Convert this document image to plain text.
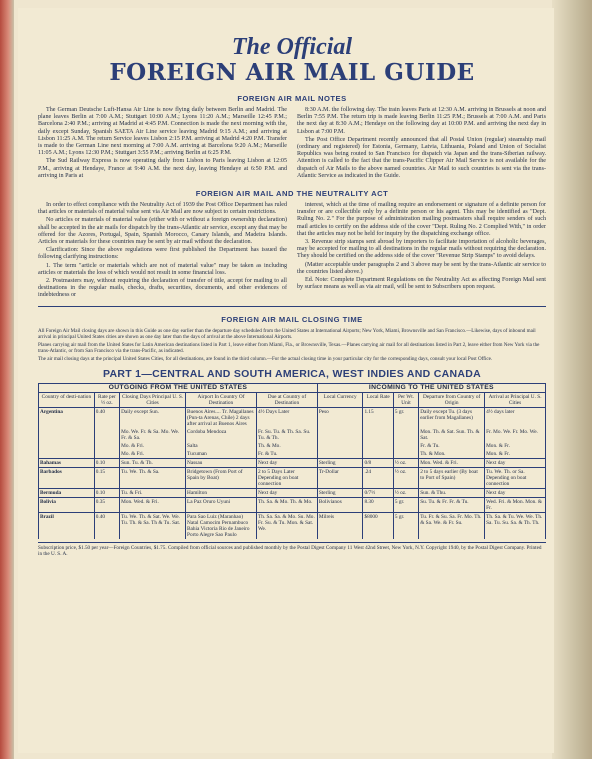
The Official
FOREIGN AIR MAIL GUIDE
FOREIGN AIR MAIL NOTES

The German Deutsche Luft-Hansa Air Line is now flying daily between Berlin and Madrid. The plane leaves Berlin at 7:00 A.M.; Stuttgart 10:00 A.M.; Lyons 11:20 A.M.; Marseille 12:45 P.M.; Barcelona 2:40 P.M.; arriving at Madrid at 4:45 P.M. Connection is made the next morning with the, daily except Sunday, Spanish SAETA Air Line service leaving Madrid 9:15 A.M.; and arriving at Lisbon 11:25 A.M. The return Service leaves Lisbon 2:15 P.M. arriving at Madrid 4:20 P.M. Transfer is made to the German Line next morning at 7:00 A.M. arriving at Barcelona 9:20 A.M.; Marseille 11:05 A.M.; Lyons 12:30 P.M.; Stuttgart 3:55 P.M.; arriving Berlin at 6:25 P.M.

The Sud Railway Express is now operating daily from Lisbon to Paris leaving Lisbon at 12:05 P.M., arriving at Hendaye, France at 9:40 A.M. the next day, leaving Hendaye at 6:50 P.M. and arriving in Paris at

8:30 A.M. the following day. The train leaves Paris at 12:30 A.M. arriving in Brussels at noon and Berlin 7:55 P.M. The return trip is made leaving Berlin 11:25 P.M.; Brussels at 7:00 A.M. and Paris the next day at 8:30 A.M.; Hendaye on the following day at 10:00 P.M. and arriving the next day in Lisbon at 7:00 P.M.

The Post Office Department recently announced that all Postal Union (regular) steamship mail (ordinary and registered) for Estonia, Germany, Latvia, Lithuania, Poland and Union of Socialist Republics was being routed to San Francisco for dispatch via Japan and the trans-Siberian railway. Attention is called to the fact that the trans-Pacific Clipper Air Mail Service is not available for the dispatch of Air Mails to the above named countries. Air Mail to such countries is sent via the trans-Atlantic Service as indicated in the Guide.

FOREIGN AIR MAIL AND THE NEUTRALITY ACT

In order to effect compliance with the Neutrality Act of 1939 the Post Office Department has ruled that articles or materials of material value sent via Air Mail are now subject to certain restrictions.

No articles or materials of material value (either with or without a foreign ownership declaration) shall be accepted in the air mails for dispatch by the trans-Atlantic air service, except any that may be offered for the Azores, Portugal, Spain, Spanish Morocco, Canary Islands, and Madeira Islands. Articles or materials for these countries may be sent by air mail without the declaration.

Clarification: Since the above regulations were first published the Department has issued the following clarifying instructions:

1. The term "article or materials which are not of material value" may be taken as including articles or materials the loss of which would not result in some financial loss.

2. Postmasters may, without requiring the declaration of transfer of title, accept for mailing to all destinations in the regular mails, checks, drafts, securities, documents, and other evidences of indebtedness or

interest, which at the time of mailing require an endorsement or signature of a definite person for transfer or are collectible only by a definite person or his agent. This may be identified as "Dept. Ruling No. 2." For the purpose of administration mailing postmasters shall require senders of such mail articles to certify on the address side of the cover "Dept. Ruling No. 2 Complied With," in order that the articles may not be held for inquiry by the dispatching exchange office.

3. Revenue strip stamps sent abroad by importers to facilitate importation of alcoholic beverages, may be accepted for mailing to all destinations in the regular mails without requiring the declaration. They should be certified on the address side of the cover "Revenue Strip Stamps" to avoid delays.

(Matter acceptable under paragraphs 2 and 3 above may be sent by the trans-Atlantic air service to the countries listed above.)

Ed. Note: Complete Department Regulations on the Neutrality Act as affecting Foreign Mail sent by surface means as well as via air mail, will be sent to Subscribers upon request.

FOREIGN AIR MAIL CLOSING TIME

All Foreign Air Mail closing days are shown in this Guide as one day earlier than the departure day scheduled from the United States at International Airports; New York, Miami, Brownsville and San Francisco.—Likewise, days of inbound mail arrival in principal United States cities are shown as one day later than the days of arrival at the above International Airports.

Planes carrying air mail from the United States for Latin American destinations listed in Part 1, leave either from Miami, Fla., or Brownsville, Texas.—Planes carrying air mail for all destinations listed in Part 2, leave either from New York via the trans-Atlantic, or from San Francisco via the trans-Pacific, as indicated.

The air mail closing days at the principal United States Cities, for all destinations, are found in the third column.—For the actual closing time in your particular city for the corresponding days, consult your local Post Office.

PART 1—CENTRAL AND SOUTH AMERICA, WEST INDIES AND CANADA
OUTGOING FROM THE UNITED STATES					INCOMING TO THE UNITED STATES				
Country of desti-nation	Rate per ½ oz.	Closing Days Principal U. S. Cities	Airport In Country Of Destination	Due at Country of Destination	Local Currency	Local Rate	Per Wt. Unit	Departure from Country of Origin	Arrival at Principal U. S. Cities
Argentina	0.40	Daily except Sun.	Buenos Aires.... Tr. Magallanes (Pun-ta Arenas, Chile) 2 days after arrival at Buenos Aires	4½ Days Later	Peso	1.15	5 gr.	Daily except Tu. (3 days earlier from Magallanes)	4½ days later
		Mo. We. Fr. & Sa. Mo. We. Fr. & Sa.	Cordoba Mendoza	Fr. Su. Tu. & Th. Sa. Su. Tu. & Th.				Mon. Th. & Sat. Sun. Th. & Sat.	Fr. Mo. We. Fr. Mo. We.
		Mo. & Fri.	Salta	Th. & Mo.				Fr. & Tu.	Mon. & Fr.
		Mo. & Fri.	Tucuman	Fr. & Tu.				Th. & Mon.	Mon. & Fr.
Bahamas	0.10	Sun. Tu. & Th.	Nassau	Next day	Sterling	0/8	½ oz.	Mon. Wed. & Fri.	Next day
Barbados	0.15	Tu. We. Th. & Sa.	Bridgetown (From Port of Spain by Boat)	2 to 5 Days Later Depending on boat connection	Tr-Dollar	.24	½ oz.	2 to 5 days earlier (By boat to Port of Spain)	Tu. We. Th. or Sa. Depending on boat connection
Bermuda	0.10	Tu. & Fri.	Hamilton	Next day	Sterling	0/7½	½ oz.	Sun. & Thu.	Next day
Bolivia	0.35	Mon. Wed. & Fri.	La Paz Oruro Uyuni	Th. Sa. & Mo. Th. & Mo.	Bolivianos	8.30	5 gr.	Su. Tu. & Fr. Fr. & Tu.	Wed. Fri. & Mon. Mon. & Fr.
Brazil	0.40	Tu. We. Th. & Sat. We. We. Tu. Th. & Sa. Th & Tu. Sat.	Para Sao Luiz (Maranhao) Natal Camocim Pernambuco Bahia Victoria Rio de Janeiro Porto Alegre Sao Paulo	Th. Sa. Sa. & Mo. Su. Mo. Fr. Su. & Tu. Mon. & Sat. We.	Milreis	$8000	5 gr.	Tu. Fr. & Su. Sa. Fr. Mo. Th. & Sa. We. & Fr. Su.	Th. Sa. & Tu. We. We. Th. Sa. Tu. Su. Sa. & Th. Th.
Subscription price, $1.50 per year—Foreign Countries, $1.75. Compiled from official sources and published monthly by the Postal Digest Company 11 West 42nd Street, New York, N.Y. Copyright 1940, by the Postal Digest Company. Printed in the U. S. A.
